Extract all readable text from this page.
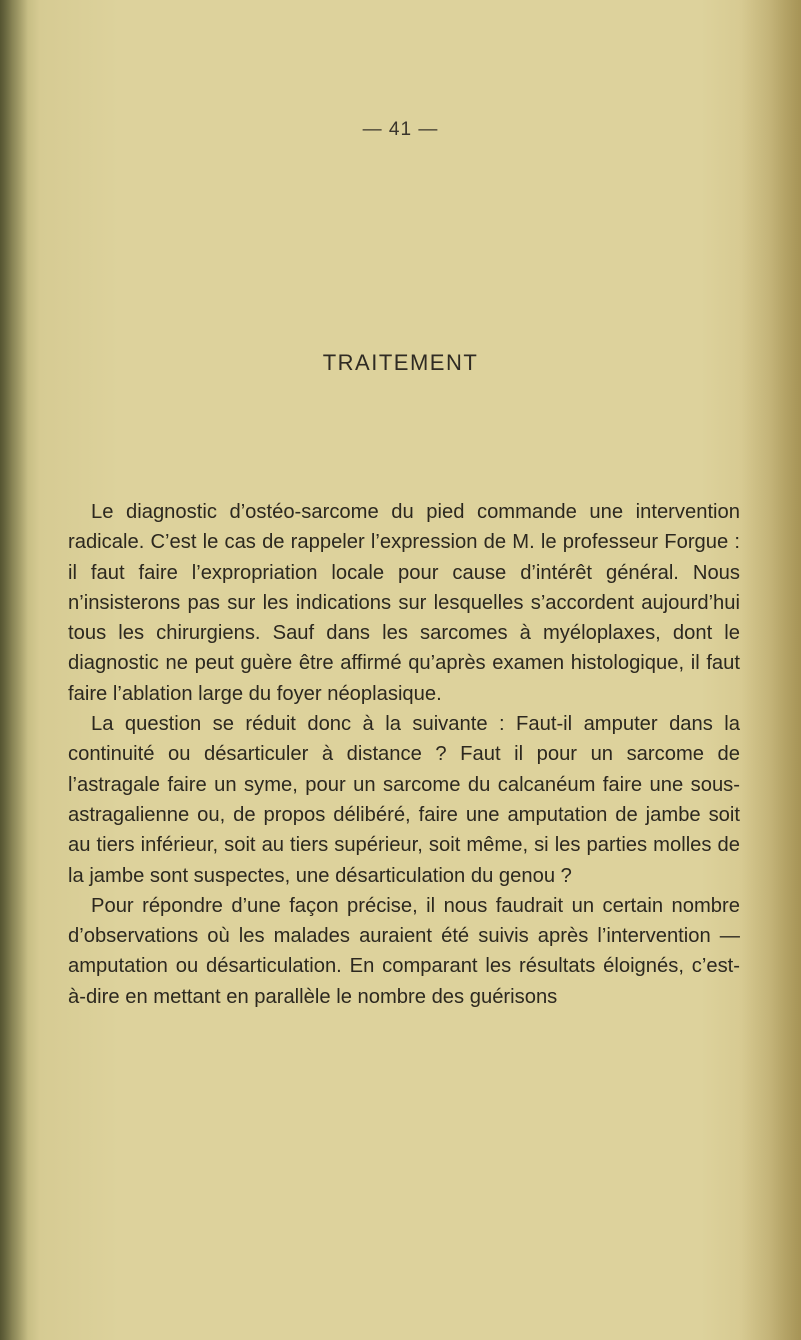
— 41 —
TRAITEMENT

Le diagnostic d’ostéo-sarcome du pied commande une intervention radicale. C’est le cas de rappeler l’expression de M. le professeur Forgue : il faut faire l’expropriation locale pour cause d’intérêt général. Nous n’insisterons pas sur les indications sur lesquelles s’accordent aujourd’hui tous les chirurgiens. Sauf dans les sarcomes à myéloplaxes, dont le diagnostic ne peut guère être affirmé qu’après examen histologique, il faut faire l’ablation large du foyer néoplasique.

La question se réduit donc à la suivante : Faut-il amputer dans la continuité ou désarticuler à distance ? Faut il pour un sarcome de l’astragale faire un syme, pour un sarcome du calcanéum faire une sous-astragalienne ou, de propos délibéré, faire une amputation de jambe soit au tiers inférieur, soit au tiers supérieur, soit même, si les parties molles de la jambe sont suspectes, une désarticulation du genou ?

Pour répondre d’une façon précise, il nous faudrait un certain nombre d’observations où les malades auraient été suivis après l’intervention — amputation ou désarticulation. En comparant les résultats éloignés, c’est-à-dire en mettant en parallèle le nombre des guérisons
